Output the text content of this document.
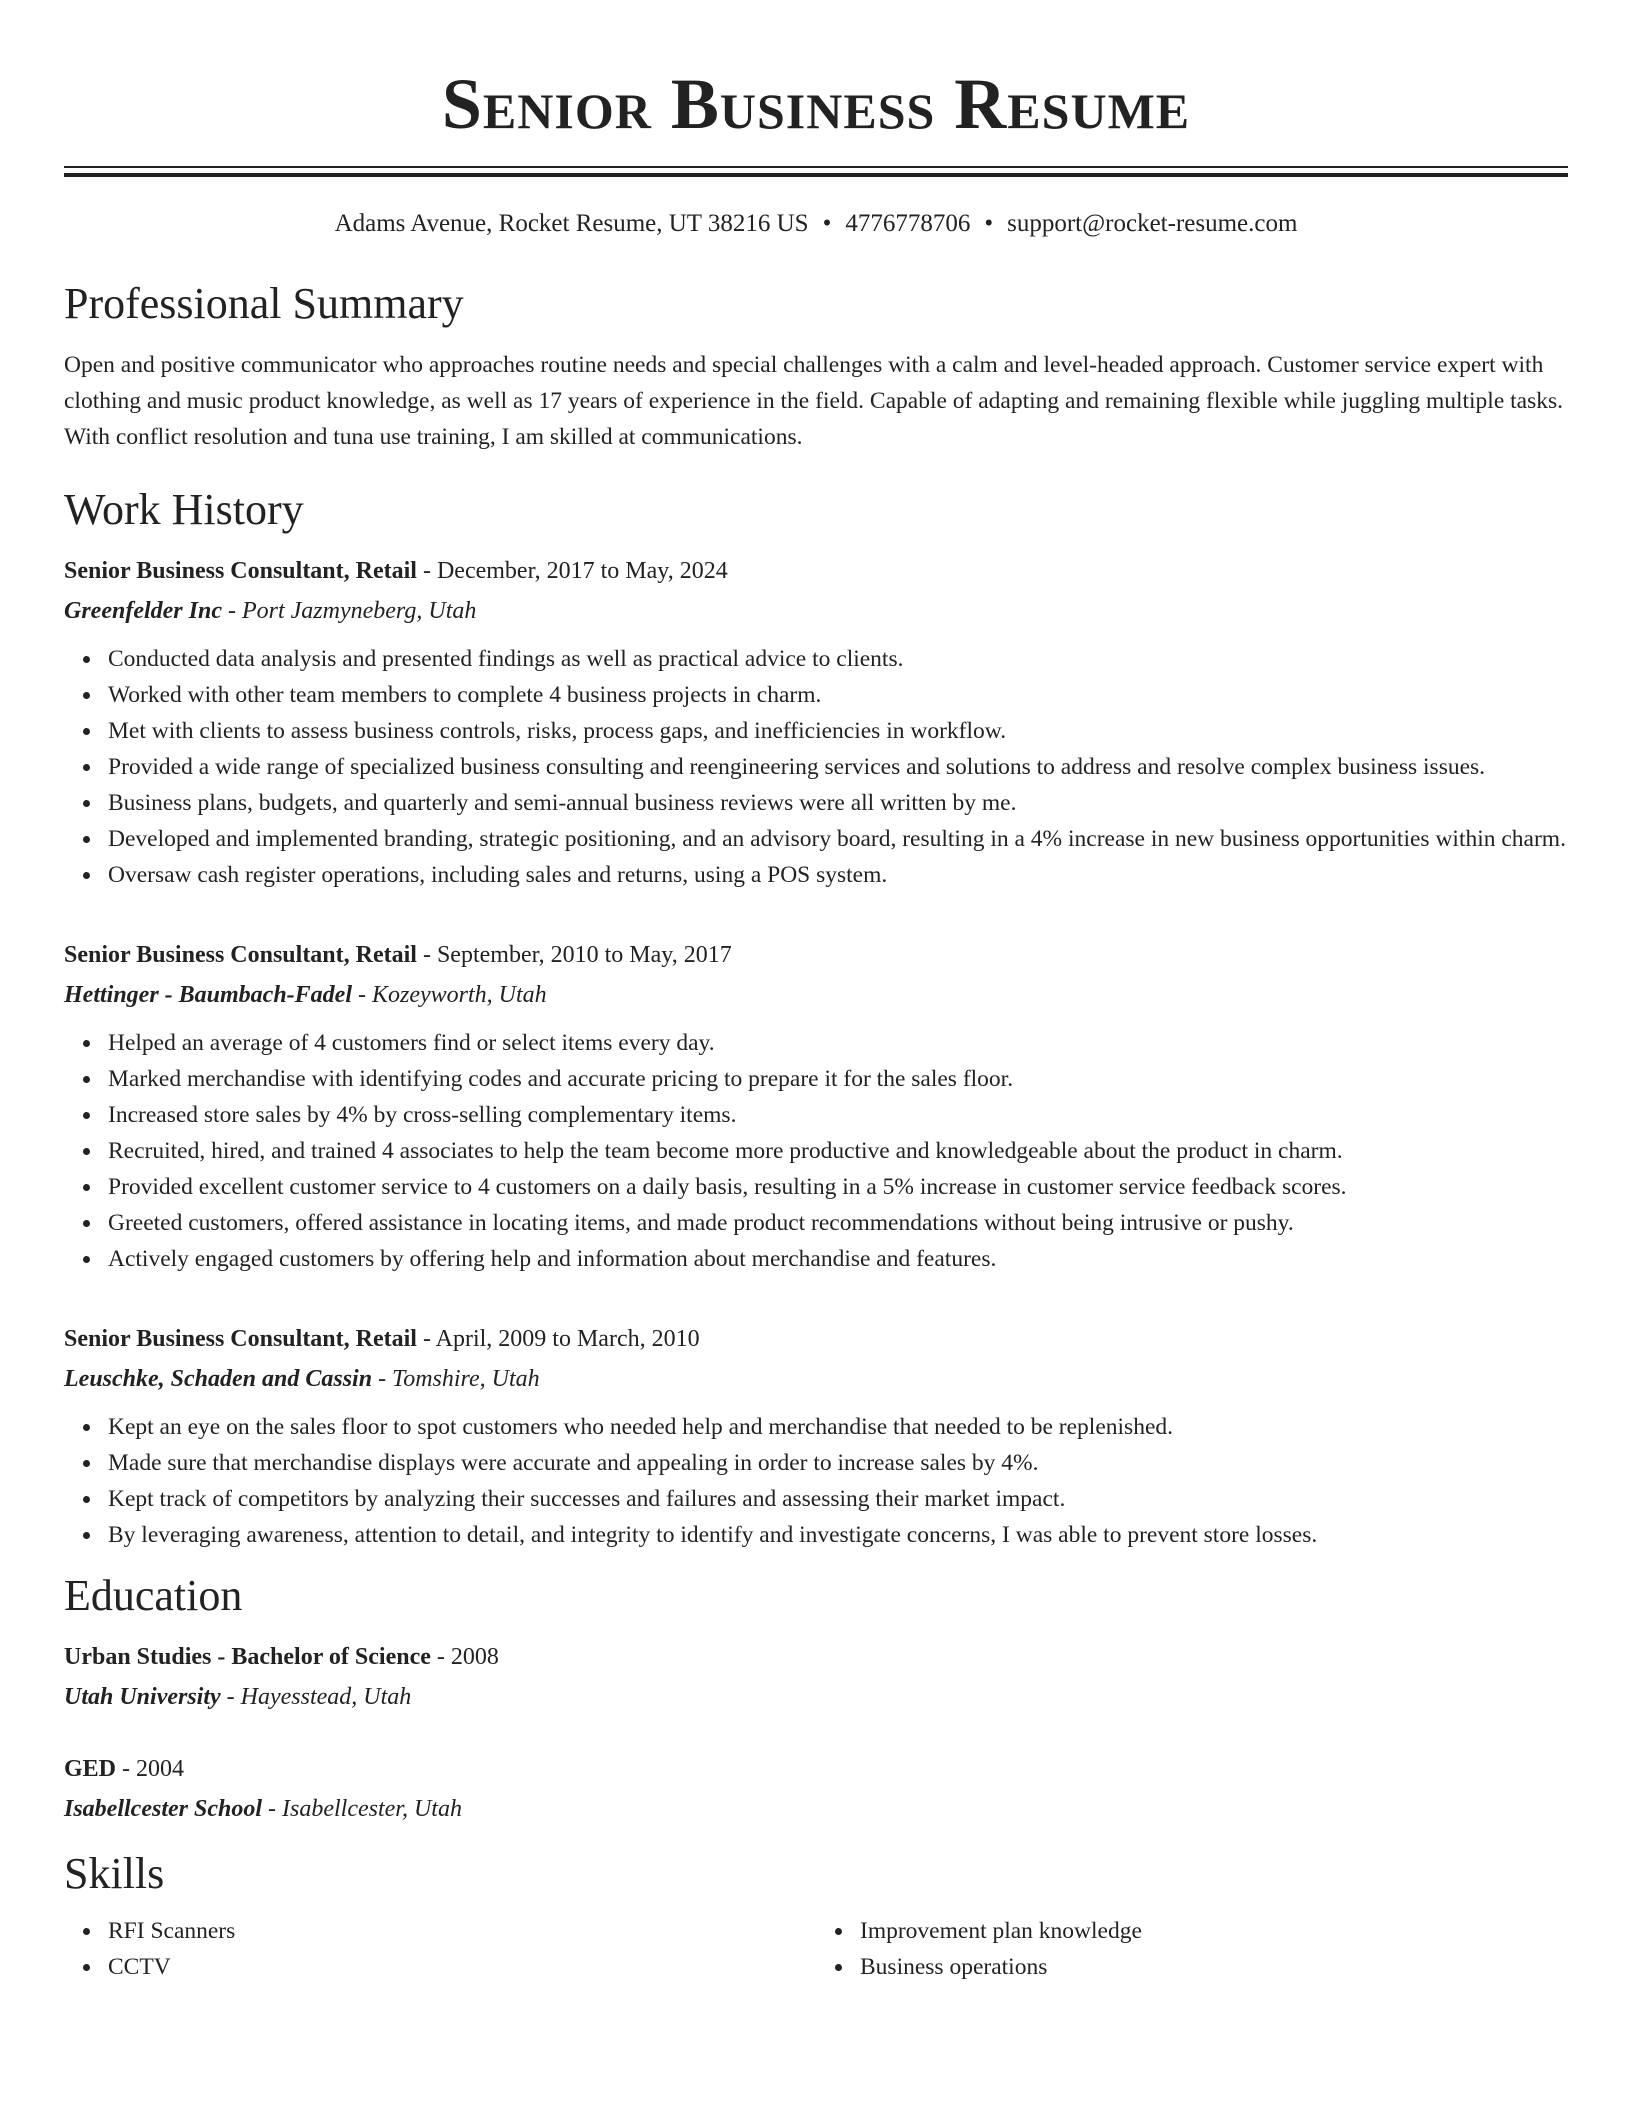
Senior Business Resume
Adams Avenue, Rocket Resume, UT 38216 US • 4776778706 • support@rocket-resume.com
Professional Summary

Open and positive communicator who approaches routine needs and special challenges with a calm and level-headed approach. Customer service expert with clothing and music product knowledge, as well as 17 years of experience in the field. Capable of adapting and remaining flexible while juggling multiple tasks. With conflict resolution and tuna use training, I am skilled at communications.

Work History
Senior Business Consultant, Retail - December, 2017 to May, 2024
Greenfelder Inc - Port Jazmyneberg, Utah
Conducted data analysis and presented findings as well as practical advice to clients.
Worked with other team members to complete 4 business projects in charm.
Met with clients to assess business controls, risks, process gaps, and inefficiencies in workflow.
Provided a wide range of specialized business consulting and reengineering services and solutions to address and resolve complex business issues.
Business plans, budgets, and quarterly and semi-annual business reviews were all written by me.
Developed and implemented branding, strategic positioning, and an advisory board, resulting in a 4% increase in new business opportunities within charm.
Oversaw cash register operations, including sales and returns, using a POS system.
Senior Business Consultant, Retail - September, 2010 to May, 2017
Hettinger - Baumbach-Fadel - Kozeyworth, Utah
Helped an average of 4 customers find or select items every day.
Marked merchandise with identifying codes and accurate pricing to prepare it for the sales floor.
Increased store sales by 4% by cross-selling complementary items.
Recruited, hired, and trained 4 associates to help the team become more productive and knowledgeable about the product in charm.
Provided excellent customer service to 4 customers on a daily basis, resulting in a 5% increase in customer service feedback scores.
Greeted customers, offered assistance in locating items, and made product recommendations without being intrusive or pushy.
Actively engaged customers by offering help and information about merchandise and features.
Senior Business Consultant, Retail - April, 2009 to March, 2010
Leuschke, Schaden and Cassin - Tomshire, Utah
Kept an eye on the sales floor to spot customers who needed help and merchandise that needed to be replenished.
Made sure that merchandise displays were accurate and appealing in order to increase sales by 4%.
Kept track of competitors by analyzing their successes and failures and assessing their market impact.
By leveraging awareness, attention to detail, and integrity to identify and investigate concerns, I was able to prevent store losses.
Education
Urban Studies - Bachelor of Science - 2008
Utah University - Hayesstead, Utah
GED - 2004
Isabellcester School - Isabellcester, Utah
Skills
RFI Scanners
CCTV
Improvement plan knowledge
Business operations
